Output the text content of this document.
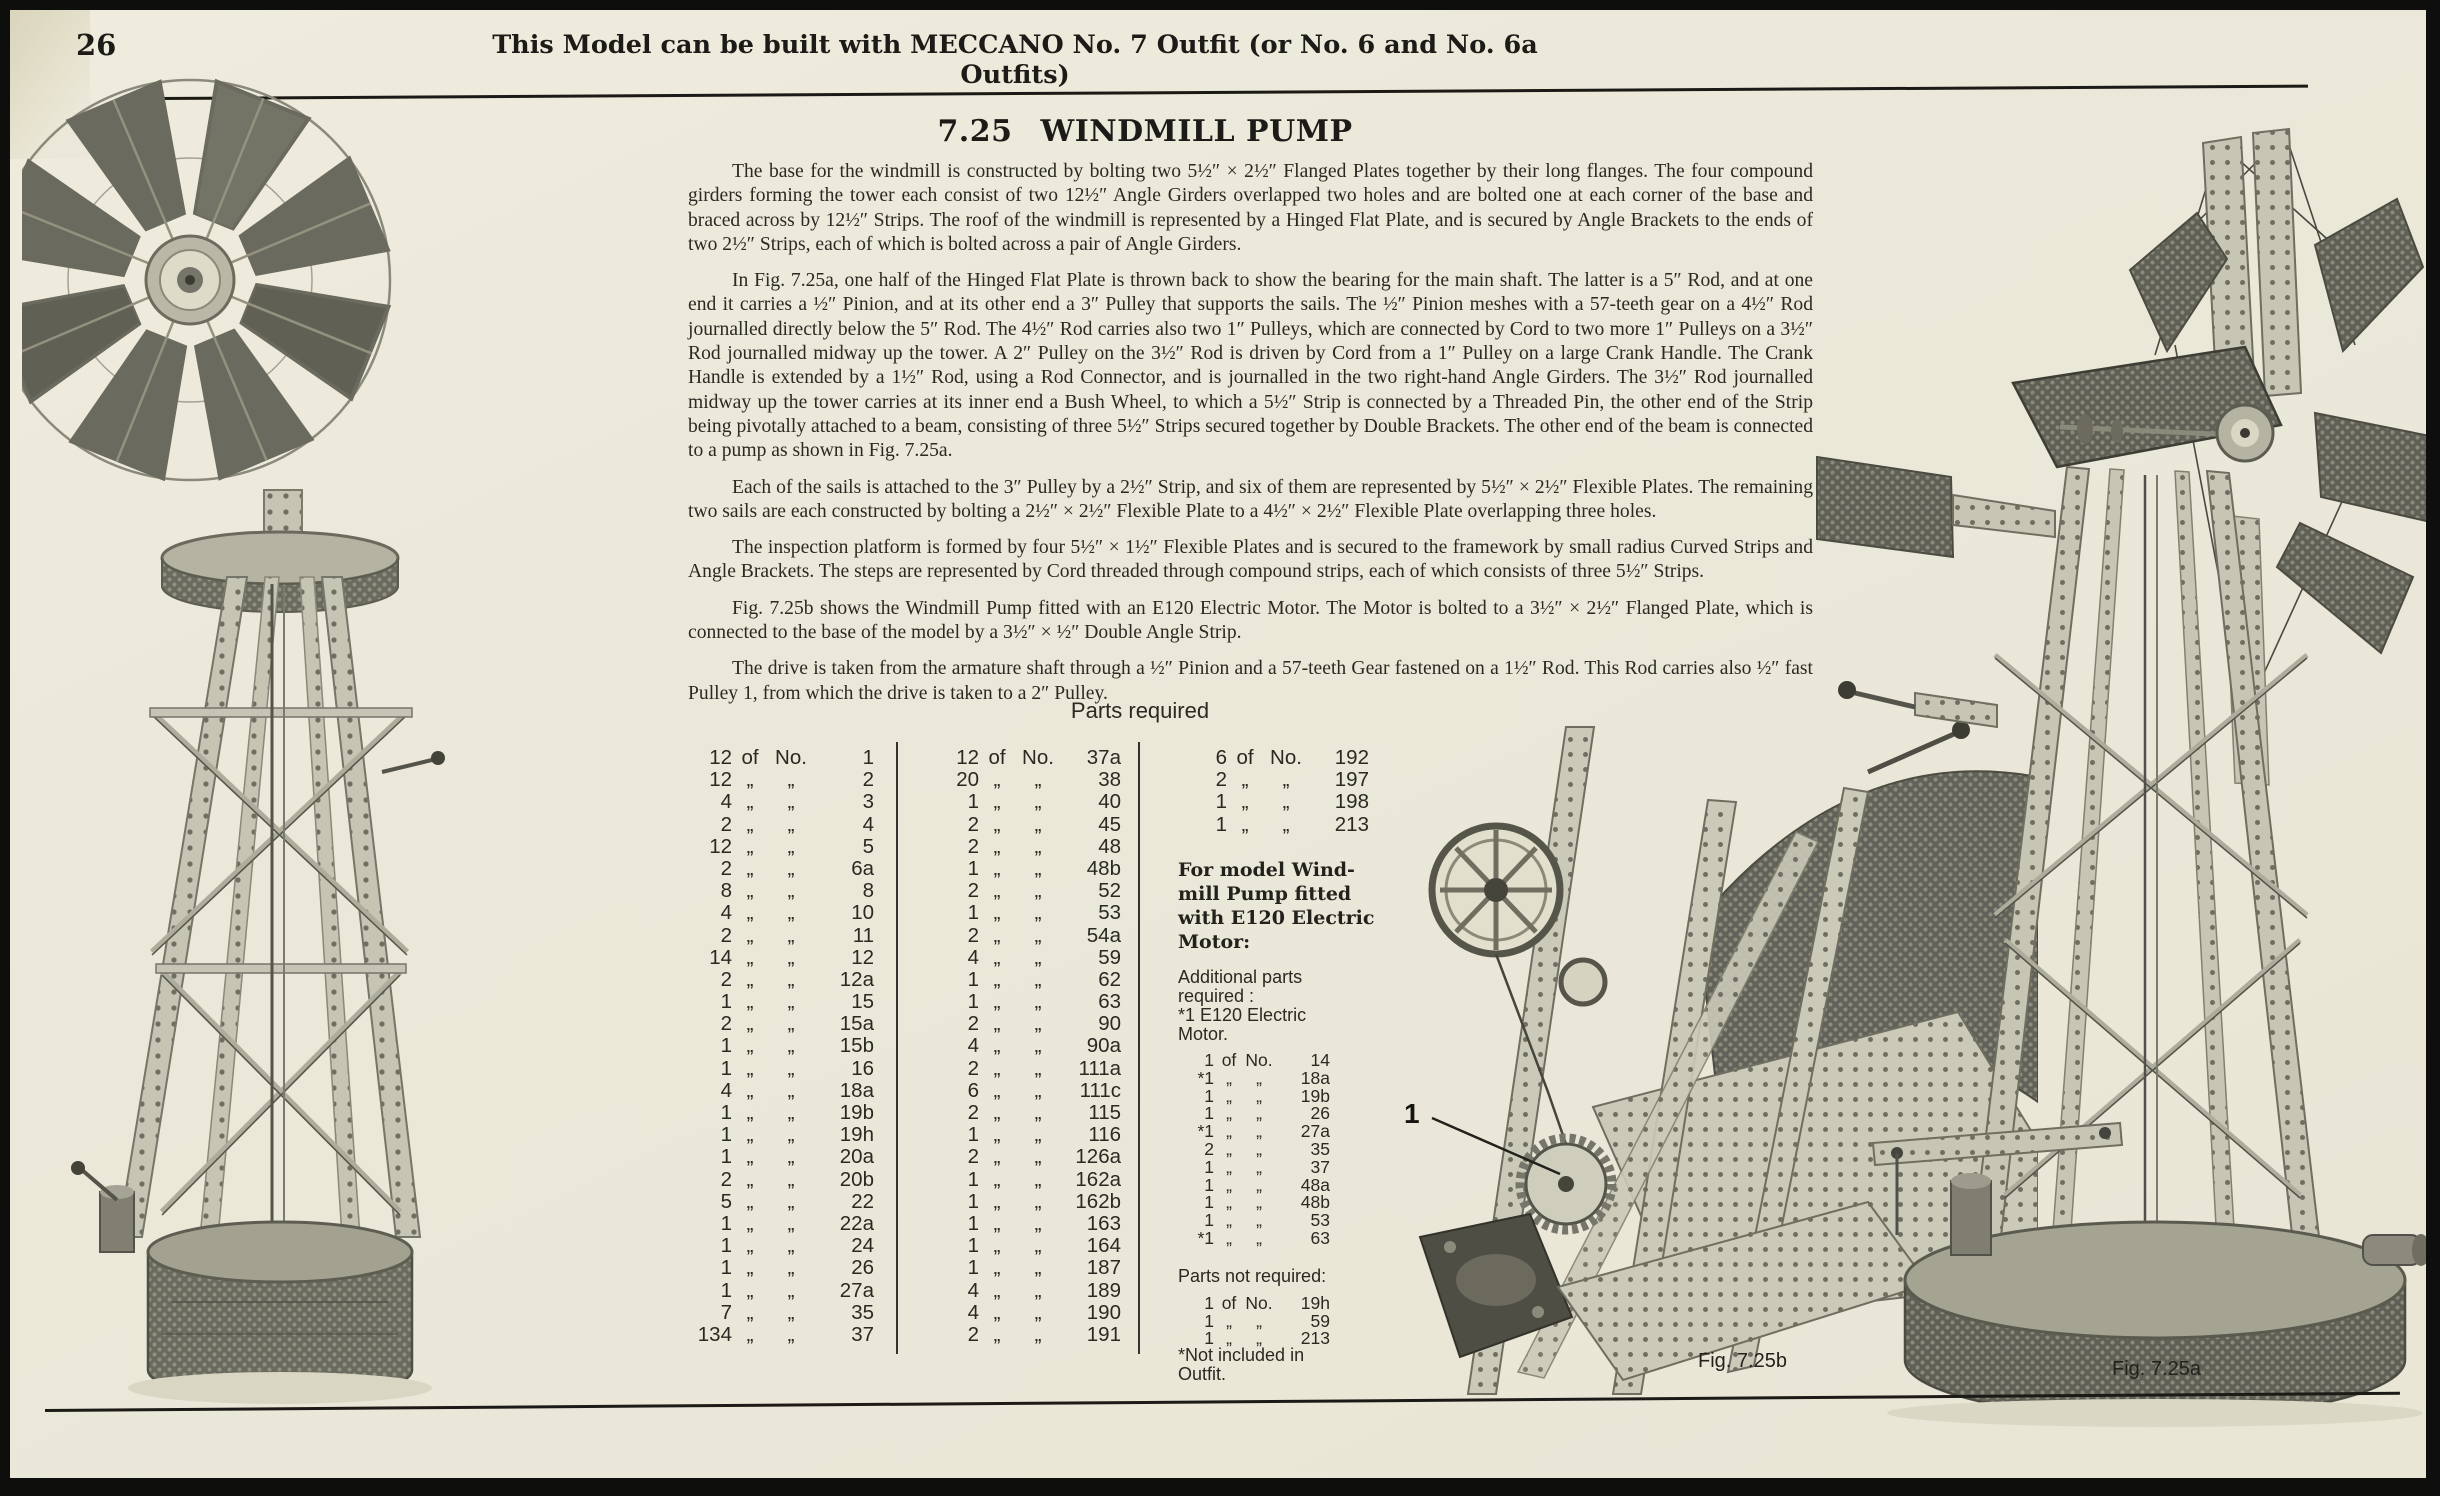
26	This Model can be built with MECCANO No. 7 Outfit (or No. 6 and No. 6a Outfits)
7.25 WINDMILL PUMP

The base for the windmill is constructed by bolting two 5½″ × 2½″ Flanged Plates together by their long flanges. The four compound girders forming the tower each consist of two 12½″ Angle Girders overlapped two holes and are bolted one at each corner of the base and braced across by 12½″ Strips. The roof of the windmill is represented by a Hinged Flat Plate, and is secured by Angle Brackets to the ends of two 2½″ Strips, each of which is bolted across a pair of Angle Girders.

In Fig. 7.25a, one half of the Hinged Flat Plate is thrown back to show the bearing for the main shaft. The latter is a 5″ Rod, and at one end it carries a ½″ Pinion, and at its other end a 3″ Pulley that supports the sails. The ½″ Pinion meshes with a 57-teeth gear on a 4½″ Rod journalled directly below the 5″ Rod. The 4½″ Rod carries also two 1″ Pulleys, which are connected by Cord to two more 1″ Pulleys on a 3½″ Rod journalled midway up the tower. A 2″ Pulley on the 3½″ Rod is driven by Cord from a 1″ Pulley on a large Crank Handle. The Crank Handle is extended by a 1½″ Rod, using a Rod Connector, and is journalled in the two right-hand Angle Girders. The 3½″ Rod journalled midway up the tower carries at its inner end a Bush Wheel, to which a 5½″ Strip is connected by a Threaded Pin, the other end of the Strip being pivotally attached to a beam, consisting of three 5½″ Strips secured together by Double Brackets. The other end of the beam is connected to a pump as shown in Fig. 7.25a.

Each of the sails is attached to the 3″ Pulley by a 2½″ Strip, and six of them are represented by 5½″ × 2½″ Flexible Plates. The remaining two sails are each constructed by bolting a 2½″ × 2½″ Flexible Plate to a 4½″ × 2½″ Flexible Plate overlapping three holes.

The inspection platform is formed by four 5½″ × 1½″ Flexible Plates and is secured to the framework by small radius Curved Strips and Angle Brackets. The steps are represented by Cord threaded through compound strips, each of which consists of three 5½″ Strips.

Fig. 7.25b shows the Windmill Pump fitted with an E120 Electric Motor. The Motor is bolted to a 3½″ × 2½″ Flanged Plate, which is connected to the base of the model by a 3½″ × ½″ Double Angle Strip.

The drive is taken from the armature shaft through a ½″ Pinion and a 57-teeth Gear fastened on a 1½″ Rod. This Rod carries also ½″ fast Pulley 1, from which the drive is taken to a 2″ Pulley.

Parts required
12 of No.	1
12 „	„	2
4 „	„	3
2 „	„	4
12 „	„	5
2 „	„	6a
8 „	„	8
4 „	„	10
2 „	„	11
14 „	„	12
2 „	„	12a
1 „	„	15
2 „	„	15a
1 „	„	15b
1 „	„	16
4 „	„	18a
1 „	„	19b
1 „	„	19h
1 „	„	20a
2 „	„	20b
5 „	„	22
1 „	„	22a
1 „	„	24
1 „	„	26
1 „	„	27a
7 „	„	35
134 „	„	37
12 of No.	37a
20 „	„	38
1 „	„	40
2 „	„	45
2 „	„	48
1 „	„	48b
2 „	„	52
1 „	„	53
2 „	„	54a
4 „	„	59
1 „	„	62
1 „	„	63
2 „	„	90
4 „	„	90a
2 „	„	111a
6 „	„	111c
2 „	„	115
1 „	„	116
2 „	„	126a
1 „	„	162a
1 „	„	162b
1 „	„	163
1 „	„	164
1 „	„	187
4 „	„	189
4 „	„	190
2 „	„	191
6 of No.	192
2 „	„	197
1 „	„	198
1 „	„	213
For model Wind-
mill Pump fitted
with E120 Electric
Motor:
Additional parts
required :
*1 E120 Electric
Motor.
1 of No.	14
*1 „	„	18a
1 „	„	19b
1 „	„	26
*1 „	„	27a
2 „	„	35
1 „	„	37
1 „	„	48a
1 „	„	48b
1 „	„	53
*1 „	„	63
Parts not required:
1 of No.	19h
1 „	„	59
1 „	„	213
*Not included in
Outfit.
1
Fig. 7.25b	Fig. 7.25a
